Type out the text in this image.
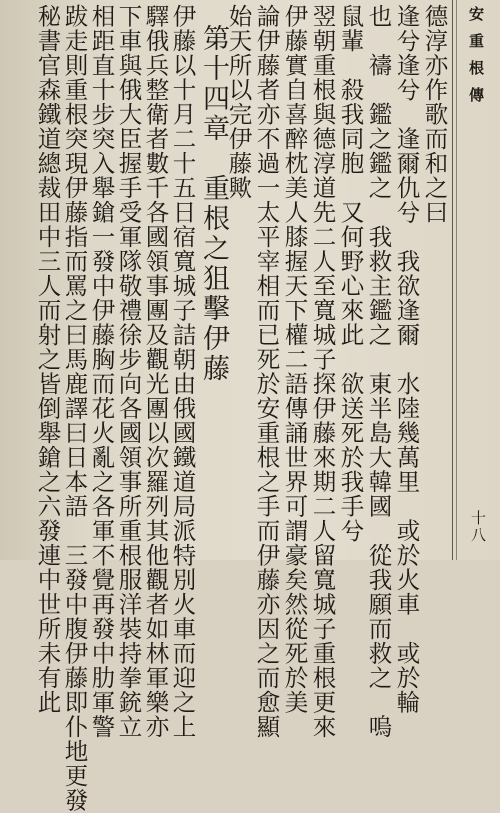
安重根傳
十八
德淳亦作歌而和之曰
逢兮逢兮　逢爾仇兮　我欲逢爾　水陸幾萬里　或於火車　或於輪
也　禱　鑑之鑑之　我救主鑑之　東半島大韓國　從我願而救之　嗚
鼠輩　殺我同胞　又何野心來此　欲送死於我手兮
翌朝重根與德淳道先二人至寬城子探伊藤來期二人留寬城子重根更來
伊藤實自喜醉枕美人膝握天下權二語傳誦世界可謂豪矣然從死於美
論伊藤者亦不過一太平宰相而已死於安重根之手而伊藤亦因之而愈顯
始天所以完伊藤歟
第十四章　重根之狙擊伊藤
伊藤以十月二十五日宿寬城子詰朝由俄國鐵道局派特別火車而迎之上
驛俄兵整衛者數千各國領事團及觀光團以次羅列其他觀者如林軍樂亦
下車與俄大臣握手受軍隊敬禮徐步向各國領事所重根服洋裝持拳銃立
相距直十步突入舉鎗一發中伊藤胸而花火亂之各軍不覺再發中肋軍警
跋走則重根突現伊藤指而罵之曰馬鹿譯曰日本語　三發中腹伊藤即仆地更發
秘書官森鐵道總裁田中三人而射之皆倒舉鎗之六發連中世所未有此
